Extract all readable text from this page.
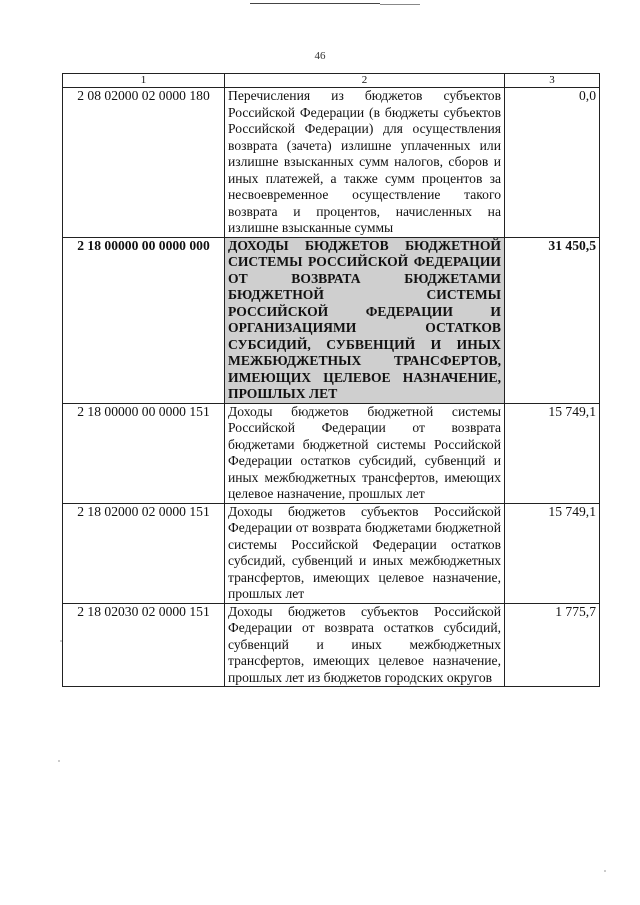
46
1	2	3
2 08 02000 02 0000 180	Перечисления из бюджетов субъектов Российской Федерации (в бюджеты субъектов Российской Федерации) для осуществления возврата (зачета) излишне уплаченных или излишне взысканных сумм налогов, сборов и иных платежей, а также сумм процентов за несвоевременное осуществление такого возврата и процентов, начисленных на излишне взысканные суммы	0,0
2 18 00000 00 0000 000	ДОХОДЫ БЮДЖЕТОВ БЮДЖЕТНОЙ СИСТЕМЫ РОССИЙСКОЙ ФЕДЕРАЦИИ ОТ ВОЗВРАТА БЮДЖЕТАМИ БЮДЖЕТНОЙ СИСТЕМЫ РОССИЙСКОЙ ФЕДЕРАЦИИ И ОРГАНИЗАЦИЯМИ ОСТАТКОВ СУБСИДИЙ, СУБВЕНЦИЙ И ИНЫХ МЕЖБЮДЖЕТНЫХ ТРАНСФЕРТОВ, ИМЕЮЩИХ ЦЕЛЕВОЕ НАЗНАЧЕНИЕ, ПРОШЛЫХ ЛЕТ	31 450,5
2 18 00000 00 0000 151	Доходы бюджетов бюджетной системы Российской Федерации от возврата бюджетами бюджетной системы Российской Федерации остатков субсидий, субвенций и иных межбюджетных трансфертов, имеющих целевое назначение, прошлых лет	15 749,1
2 18 02000 02 0000 151	Доходы бюджетов субъектов Российской Федерации от возврата бюджетами бюджетной системы Российской Федерации остатков субсидий, субвенций и иных межбюджетных трансфертов, имеющих целевое назначение, прошлых лет	15 749,1
2 18 02030 02 0000 151	Доходы бюджетов субъектов Российской Федерации от возврата остатков субсидий, субвенций и иных межбюджетных трансфертов, имеющих целевое назначение, прошлых лет из бюджетов городских округов	1 775,7
